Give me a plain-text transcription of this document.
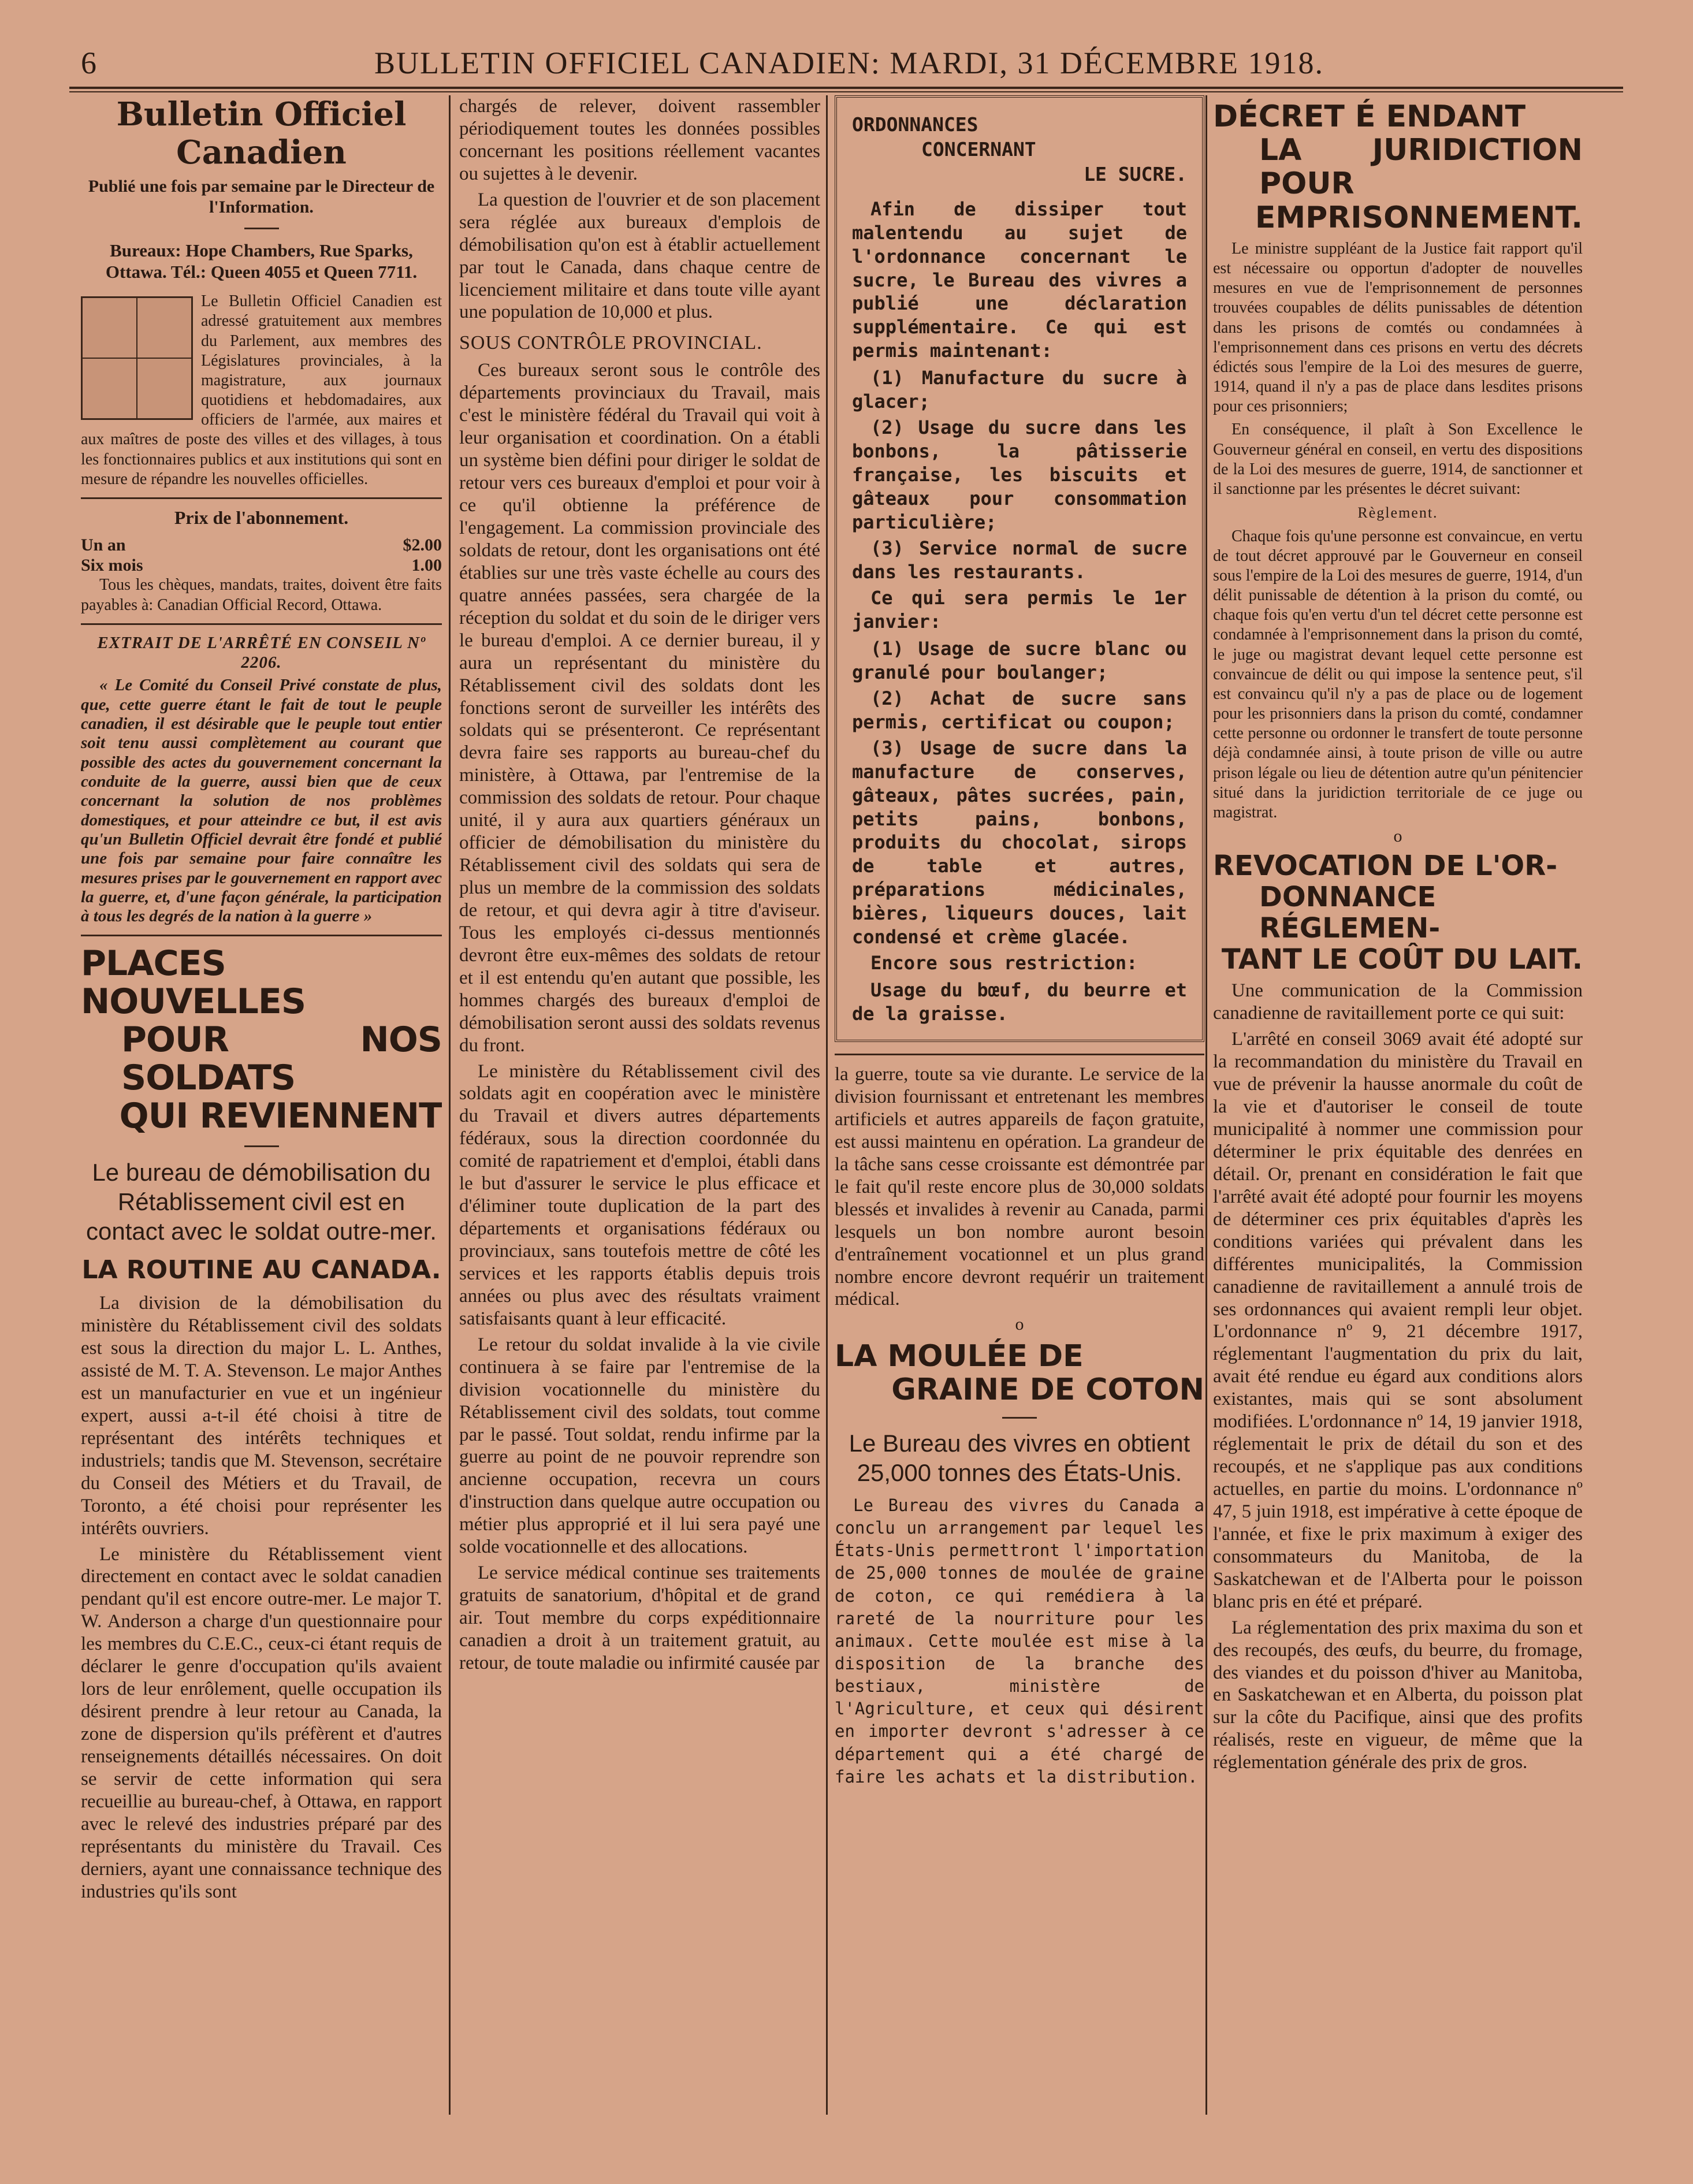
6	BULLETIN OFFICIEL CANADIEN: MARDI, 31 DÉCEMBRE 1918.
Bulletin Officiel Canadien
Publié une fois par semaine par le Directeur de l'Information.
Bureaux: Hope Chambers, Rue Sparks, Ottawa. Tél.: Queen 4055 et Queen 7711.
Le Bulletin Officiel Canadien est adressé gratuitement aux membres du Parlement, aux membres des Législatures provinciales, à la magistrature, aux journaux quotidiens et hebdomadaires, aux officiers de l'armée, aux maires et aux maîtres de poste des villes et des villages, à tous les fonctionnaires publics et aux institutions qui sont en mesure de répandre les nouvelles officielles.
Prix de l'abonnement.
Un an	$2.00
Six mois	1.00

Tous les chèques, mandats, traites, doivent être faits payables à: Canadian Official Record, Ottawa.

EXTRAIT DE L'ARRÊTÉ EN CONSEIL Nº 2206.

« Le Comité du Conseil Privé constate de plus, que, cette guerre étant le fait de tout le peuple canadien, il est désirable que le peuple tout entier soit tenu aussi complètement au courant que possible des actes du gouvernement concernant la conduite de la guerre, aussi bien que de ceux concernant la solution de nos problèmes domestiques, et pour atteindre ce but, il est avis qu'un Bulletin Officiel devrait être fondé et publié une fois par semaine pour faire connaître les mesures prises par le gouvernement en rapport avec la guerre, et, d'une façon générale, la participation à tous les degrés de la nation à la guerre »

PLACES NOUVELLES
POUR NOS SOLDATS
QUI REVIENNENT
Le bureau de démobilisation du Rétablissement civil est en contact avec le soldat outre-mer.
LA ROUTINE AU CANADA.

La division de la démobilisation du ministère du Rétablissement civil des soldats est sous la direction du major L. L. Anthes, assisté de M. T. A. Stevenson. Le major Anthes est un manufacturier en vue et un ingénieur expert, aussi a-t-il été choisi à titre de représentant des intérêts techniques et industriels; tandis que M. Stevenson, secrétaire du Conseil des Métiers et du Travail, de Toronto, a été choisi pour représenter les intérêts ouvriers.

Le ministère du Rétablissement vient directement en contact avec le soldat canadien pendant qu'il est encore outre-mer. Le major T. W. Anderson a charge d'un questionnaire pour les membres du C.E.C., ceux-ci étant requis de déclarer le genre d'occupation qu'ils avaient lors de leur enrôlement, quelle occupation ils désirent prendre à leur retour au Canada, la zone de dispersion qu'ils préfèrent et d'autres renseignements détaillés nécessaires. On doit se servir de cette information qui sera recueillie au bureau-chef, à Ottawa, en rapport avec le relevé des industries préparé par des représentants du ministère du Travail. Ces derniers, ayant une connaissance technique des industries qu'ils sont

chargés de relever, doivent rassembler périodiquement toutes les données possibles concernant les positions réellement vacantes ou sujettes à le devenir.

La question de l'ouvrier et de son placement sera réglée aux bureaux d'emplois de démobilisation qu'on est à établir actuellement par tout le Canada, dans chaque centre de licenciement militaire et dans toute ville ayant une population de 10,000 et plus.

SOUS CONTRÔLE PROVINCIAL.

Ces bureaux seront sous le contrôle des départements provinciaux du Travail, mais c'est le ministère fédéral du Travail qui voit à leur organisation et coordination. On a établi un système bien défini pour diriger le soldat de retour vers ces bureaux d'emploi et pour voir à ce qu'il obtienne la préférence de l'engagement. La commission provinciale des soldats de retour, dont les organisations ont été établies sur une très vaste échelle au cours des quatre années passées, sera chargée de la réception du soldat et du soin de le diriger vers le bureau d'emploi. A ce dernier bureau, il y aura un représentant du ministère du Rétablissement civil des soldats dont les fonctions seront de surveiller les intérêts des soldats qui se présenteront. Ce représentant devra faire ses rapports au bureau-chef du ministère, à Ottawa, par l'entremise de la commission des soldats de retour. Pour chaque unité, il y aura aux quartiers généraux un officier de démobilisation du ministère du Rétablissement civil des soldats qui sera de plus un membre de la commission des soldats de retour, et qui devra agir à titre d'aviseur. Tous les employés ci-dessus mentionnés devront être eux-mêmes des soldats de retour et il est entendu qu'en autant que possible, les hommes chargés des bureaux d'emploi de démobilisation seront aussi des soldats revenus du front.

Le ministère du Rétablissement civil des soldats agit en coopération avec le ministère du Travail et divers autres départements fédéraux, sous la direction coordonnée du comité de rapatriement et d'emploi, établi dans le but d'assurer le service le plus efficace et d'éliminer toute duplication de la part des départements et organisations fédéraux ou provinciaux, sans toutefois mettre de côté les services et les rapports établis depuis trois années ou plus avec des résultats vraiment satisfaisants quant à leur efficacité.

Le retour du soldat invalide à la vie civile continuera à se faire par l'entremise de la division vocationnelle du ministère du Rétablissement civil des soldats, tout comme par le passé. Tout soldat, rendu infirme par la guerre au point de ne pouvoir reprendre son ancienne occupation, recevra un cours d'instruction dans quelque autre occupation ou métier plus approprié et il lui sera payé une solde vocationnelle et des allocations.

Le service médical continue ses traitements gratuits de sanatorium, d'hôpital et de grand air. Tout membre du corps expéditionnaire canadien a droit à un traitement gratuit, au retour, de toute maladie ou infirmité causée par

ORDONNANCES
CONCERNANT
LE SUCRE.

Afin de dissiper tout malentendu au sujet de l'ordonnance concernant le sucre, le Bureau des vivres a publié une déclaration supplémentaire. Ce qui est permis maintenant:

(1) Manufacture du sucre à glacer;
(2) Usage du sucre dans les bonbons, la pâtisserie française, les biscuits et gâteaux pour consommation particulière;
(3) Service normal de sucre dans les restaurants.

Ce qui sera permis le 1er janvier:

(1) Usage de sucre blanc ou granulé pour boulanger;
(2) Achat de sucre sans permis, certificat ou coupon;
(3) Usage de sucre dans la manufacture de conserves, gâteaux, pâtes sucrées, pain, petits pains, bonbons, produits du chocolat, sirops de table et autres, préparations médicinales, bières, liqueurs douces, lait condensé et crème glacée.

Encore sous restriction:

Usage du bœuf, du beurre et de la graisse.

la guerre, toute sa vie durante. Le service de la division fournissant et entretenant les membres artificiels et autres appareils de façon gratuite, est aussi maintenu en opération. La grandeur de la tâche sans cesse croissante est démontrée par le fait qu'il reste encore plus de 30,000 soldats blessés et invalides à revenir au Canada, parmi lesquels un bon nombre auront besoin d'entraînement vocationnel et un plus grand nombre encore devront requérir un traitement médical.

o
LA MOULÉE DE
GRAINE DE COTON
Le Bureau des vivres en obtient 25,000 tonnes des États-Unis.

Le Bureau des vivres du Canada a conclu un arrangement par lequel les États-Unis permettront l'importation de 25,000 tonnes de moulée de graine de coton, ce qui remédiera à la rareté de la nourriture pour les animaux. Cette moulée est mise à la disposition de la branche des bestiaux, ministère de l'Agriculture, et ceux qui désirent en importer devront s'adresser à ce département qui a été chargé de faire les achats et la distribution.

DÉCRET É ENDANT
LA JURIDICTION POUR
EMPRISONNEMENT.

Le ministre suppléant de la Justice fait rapport qu'il est nécessaire ou opportun d'adopter de nouvelles mesures en vue de l'emprisonnement de personnes trouvées coupables de délits punissables de détention dans les prisons de comtés ou condamnées à l'emprisonnement dans ces prisons en vertu des décrets édictés sous l'empire de la Loi des mesures de guerre, 1914, quand il n'y a pas de place dans lesdites prisons pour ces prisonniers;

En conséquence, il plaît à Son Excellence le Gouverneur général en conseil, en vertu des dispositions de la Loi des mesures de guerre, 1914, de sanctionner et il sanctionne par les présentes le décret suivant:

Règlement.

Chaque fois qu'une personne est convaincue, en vertu de tout décret approuvé par le Gouverneur en conseil sous l'empire de la Loi des mesures de guerre, 1914, d'un délit punissable de détention à la prison du comté, ou chaque fois qu'en vertu d'un tel décret cette personne est condamnée à l'emprisonnement dans la prison du comté, le juge ou magistrat devant lequel cette personne est convaincue de délit ou qui impose la sentence peut, s'il est convaincu qu'il n'y a pas de place ou de logement pour les prisonniers dans la prison du comté, condamner cette personne ou ordonner le transfert de toute personne déjà condamnée ainsi, à toute prison de ville ou autre prison légale ou lieu de détention autre qu'un pénitencier situé dans la juridiction territoriale de ce juge ou magistrat.

o
REVOCATION DE L'OR-
DONNANCE RÉGLEMEN-
TANT LE COÛT DU LAIT.

Une communication de la Commission canadienne de ravitaillement porte ce qui suit:

L'arrêté en conseil 3069 avait été adopté sur la recommandation du ministère du Travail en vue de prévenir la hausse anormale du coût de la vie et d'autoriser le conseil de toute municipalité à nommer une commission pour déterminer le prix équitable des denrées en détail. Or, prenant en considération le fait que l'arrêté avait été adopté pour fournir les moyens de déterminer ces prix équitables d'après les conditions variées qui prévalent dans les différentes municipalités, la Commission canadienne de ravitaillement a annulé trois de ses ordonnances qui avaient rempli leur objet. L'ordonnance nº 9, 21 décembre 1917, réglementant l'augmentation du prix du lait, avait été rendue eu égard aux conditions alors existantes, mais qui se sont absolument modifiées. L'ordonnance nº 14, 19 janvier 1918, réglementait le prix de détail du son et des recoupés, et ne s'applique pas aux conditions actuelles, en partie du moins. L'ordonnance nº 47, 5 juin 1918, est impérative à cette époque de l'année, et fixe le prix maximum à exiger des consommateurs du Manitoba, de la Saskatchewan et de l'Alberta pour le poisson blanc pris en été et préparé.

La réglementation des prix maxima du son et des recoupés, des œufs, du beurre, du fromage, des viandes et du poisson d'hiver au Manitoba, en Saskatchewan et en Alberta, du poisson plat sur la côte du Pacifique, ainsi que des profits réalisés, reste en vigueur, de même que la réglementation générale des prix de gros.
